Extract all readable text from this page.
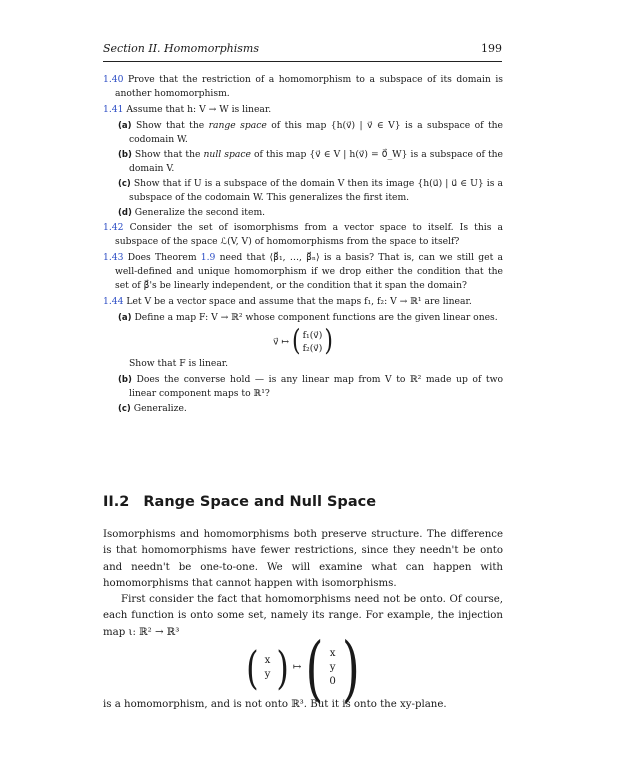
Section II. Homomorphisms	199
1.40 Prove that the restriction of a homomorphism to a subspace of its domain is another homomorphism.
1.41 Assume that h: V → W is linear.
(a) Show that the range space of this map {h(v⃗) | v⃗ ∈ V} is a subspace of the codomain W.
(b) Show that the null space of this map {v⃗ ∈ V | h(v⃗) = 0⃗_W} is a subspace of the domain V.
(c) Show that if U is a subspace of the domain V then its image {h(u⃗) | u⃗ ∈ U} is a subspace of the codomain W. This generalizes the first item.
(d) Generalize the second item.
1.42 Consider the set of isomorphisms from a vector space to itself. Is this a subspace of the space ℒ(V, V) of homomorphisms from the space to itself?
1.43 Does Theorem 1.9 need that ⟨β⃗₁, …, β⃗ₙ⟩ is a basis? That is, can we still get a well-defined and unique homomorphism if we drop either the condition that the set of β⃗'s be linearly independent, or the condition that it span the domain?
1.44 Let V be a vector space and assume that the maps f₁, f₂: V → ℝ¹ are linear.
(a) Define a map F: V → ℝ² whose component functions are the given linear ones.
v⃗ ↦ ( f₁(v⃗)
f₂(v⃗) )
Show that F is linear.
(b) Does the converse hold — is any linear map from V to ℝ² made up of two linear component maps to ℝ¹?
(c) Generalize.
II.2 Range Space and Null Space

Isomorphisms and homomorphisms both preserve structure. The difference is that homomorphisms have fewer restrictions, since they needn't be onto and needn't be one-to-one. We will examine what can happen with homomorphisms that cannot happen with isomorphisms.

First consider the fact that homomorphisms need not be onto. Of course, each function is onto some set, namely its range. For example, the injection map ι: ℝ² → ℝ³

( x
y ) ↦ ( x
y
0 )

is a homomorphism, and is not onto ℝ³. But it is onto the xy-plane.
